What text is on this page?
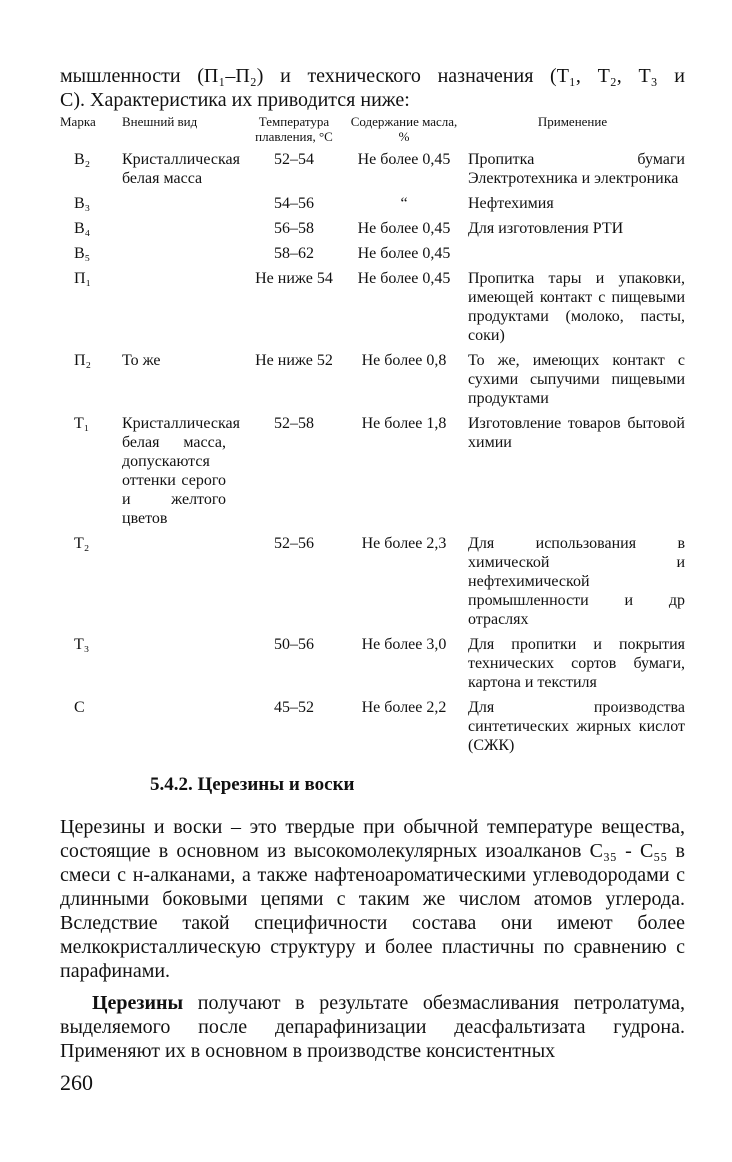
мышленности (П₁–П₂) и технического назначения (Т₁, Т₂, Т₃ и

С). Характеристика их приводится ниже:

Марка	Внешний вид	Температура плавления, °С	Содержание масла, %	Применение
В₂	Кристаллическая белая масса	52–54	Не более 0,45	Пропитка бумаги Электротехника и электроника
В₃		54–56	“	Нефтехимия
В₄		56–58	Не более 0,45	Для изготовления РТИ
В₅		58–62	Не более 0,45	
П₁		Не ниже 54	Не более 0,45	Пропитка тары и упаковки, имеющей контакт с пищевыми продуктами (молоко, пасты, соки)
П₂	То же	Не ниже 52	Не более 0,8	То же, имеющих контакт с сухими сыпучими пищевыми продуктами
Т₁	Кристаллическая белая масса, допускаются оттенки серого и желтого цветов	52–58	Не более 1,8	Изготовление товаров бытовой химии
Т₂		52–56	Не более 2,3	Для использования в химической и нефтехимической промышленности и др отраслях
Т₃		50–56	Не более 3,0	Для пропитки и покрытия технических сортов бумаги, картона и текстиля
С		45–52	Не более 2,2	Для производства синтетических жирных кислот (СЖК)
5.4.2. Церезины и воски

Церезины и воски – это твердые при обычной температуре вещества, состоящие в основном из высокомолекулярных изоалканов С₃₅ - С₅₅ в смеси с н-алканами, а также нафтеноароматическими углеводородами с длинными боковыми цепями с таким же числом атомов углерода. Вследствие такой специфичности состава они имеют более мелкокристаллическую структуру и более пластичны по сравнению с парафинами.

Церезины получают в результате обезмасливания петролатума, выделяемого после депарафинизации деасфальтизата гудрона. Применяют их в основном в производстве консистентных

260
